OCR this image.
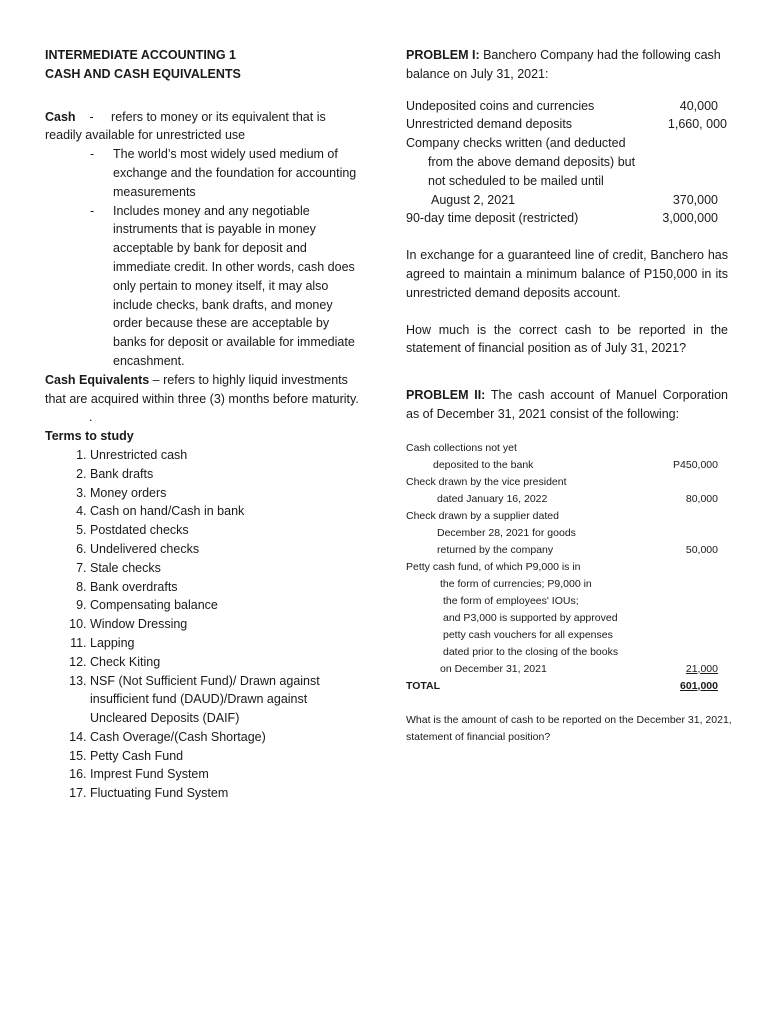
INTERMEDIATE ACCOUNTING 1
CASH AND CASH EQUIVALENTS
Cash - refers to money or its equivalent that is readily available for unrestricted use
- The world’s most widely used medium of exchange and the foundation for accounting measurements
- Includes money and any negotiable instruments that is payable in money acceptable by bank for deposit and immediate credit. In other words, cash does only pertain to money itself, it may also include checks, bank drafts, and money order because these are acceptable by banks for deposit or available for immediate encashment.
Cash Equivalents – refers to highly liquid investments that are acquired within three (3) months before maturity.
.
Terms to study
1. Unrestricted cash
2. Bank drafts
3. Money orders
4. Cash on hand/Cash in bank
5. Postdated checks
6. Undelivered checks
7. Stale checks
8. Bank overdrafts
9. Compensating balance
10. Window Dressing
11. Lapping
12. Check Kiting
13. NSF (Not Sufficient Fund)/ Drawn against insufficient fund (DAUD)/Drawn against Uncleared Deposits (DAIF)
14. Cash Overage/(Cash Shortage)
15. Petty Cash Fund
16. Imprest Fund System
17. Fluctuating Fund System
PROBLEM I: Banchero Company had the following cash balance on July 31, 2021:
Undeposited coins and currencies	40,000
Unrestricted demand deposits	1,660, 000
Company checks written (and deducted
from the above demand deposits) but
not scheduled to be mailed until
August 2, 2021	370,000
90-day time deposit (restricted)	3,000,000
In exchange for a guaranteed line of credit, Banchero has agreed to maintain a minimum balance of P150,000 in its unrestricted demand deposits account.
How much is the correct cash to be reported in the statement of financial position as of July 31, 2021?
PROBLEM II: The cash account of Manuel Corporation as of December 31, 2021 consist of the following:
Cash collections not yet
deposited to the bank	P450,000
Check drawn by the vice president
dated January 16, 2022	80,000
Check drawn by a supplier dated
December 28, 2021 for goods
returned by the company	50,000
Petty cash fund, of which P9,000 is in
the form of currencies; P9,000 in
the form of employees' IOUs;
and P3,000 is supported by approved
petty cash vouchers for all expenses
dated prior to the closing of the books
on December 31, 2021	21,000
TOTAL	601,000
What is the amount of cash to be reported on the December 31, 2021, statement of financial position?
